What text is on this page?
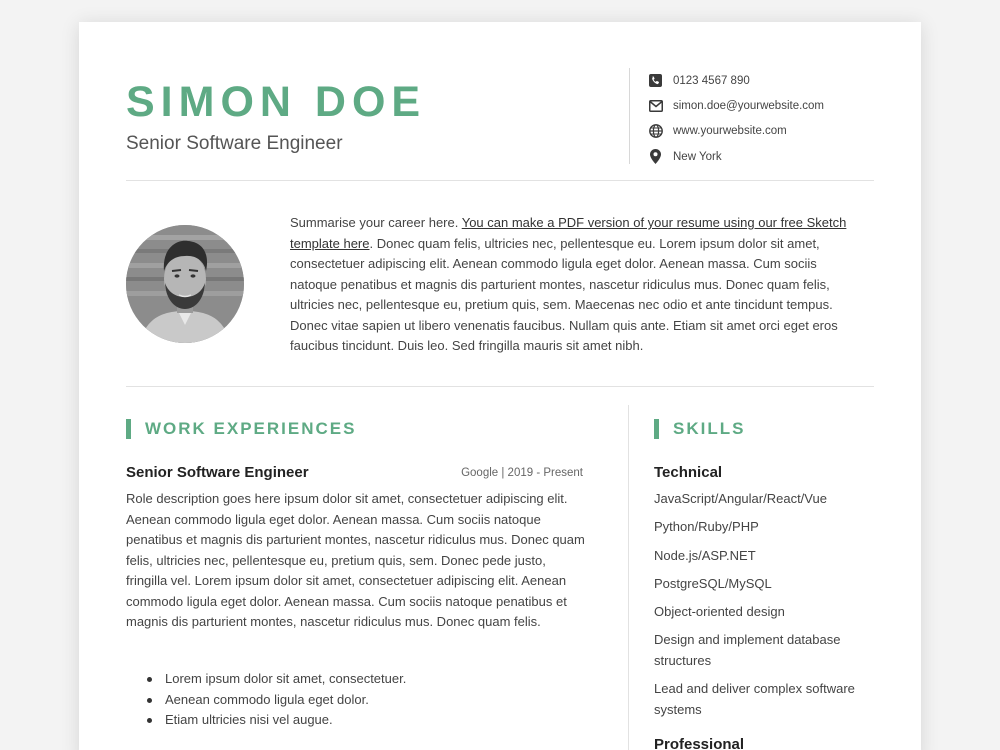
SIMON DOE
Senior Software Engineer
0123 4567 890
simon.doe@yourwebsite.com
www.yourwebsite.com
New York
Summarise your career here. You can make a PDF version of your resume using our free Sketch template here. Donec quam felis, ultricies nec, pellentesque eu. Lorem ipsum dolor sit amet, consectetuer adipiscing elit. Aenean commodo ligula eget dolor. Aenean massa. Cum sociis natoque penatibus et magnis dis parturient montes, nascetur ridiculus mus. Donec quam felis, ultricies nec, pellentesque eu, pretium quis, sem. Maecenas nec odio et ante tincidunt tempus. Donec vitae sapien ut libero venenatis faucibus. Nullam quis ante. Etiam sit amet orci eget eros faucibus tincidunt. Duis leo. Sed fringilla mauris sit amet nibh.
WORK EXPERIENCES
Senior Software Engineer	Google | 2019 - Present
Role description goes here ipsum dolor sit amet, consectetuer adipiscing elit. Aenean commodo ligula eget dolor. Aenean massa. Cum sociis natoque penatibus et magnis dis parturient montes, nascetur ridiculus mus. Donec quam felis, ultricies nec, pellentesque eu, pretium quis, sem. Donec pede justo, fringilla vel. Lorem ipsum dolor sit amet, consectetuer adipiscing elit. Aenean commodo ligula eget dolor. Aenean massa. Cum sociis natoque penatibus et magnis dis parturient montes, nascetur ridiculus mus. Donec quam felis.
Lorem ipsum dolor sit amet, consectetuer.
Aenean commodo ligula eget dolor.
Etiam ultricies nisi vel augue.
SKILLS
Technical
JavaScript/Angular/React/Vue
Python/Ruby/PHP
Node.js/ASP.NET
PostgreSQL/MySQL
Object-oriented design
Design and implement database structures
Lead and deliver complex software systems
Professional
